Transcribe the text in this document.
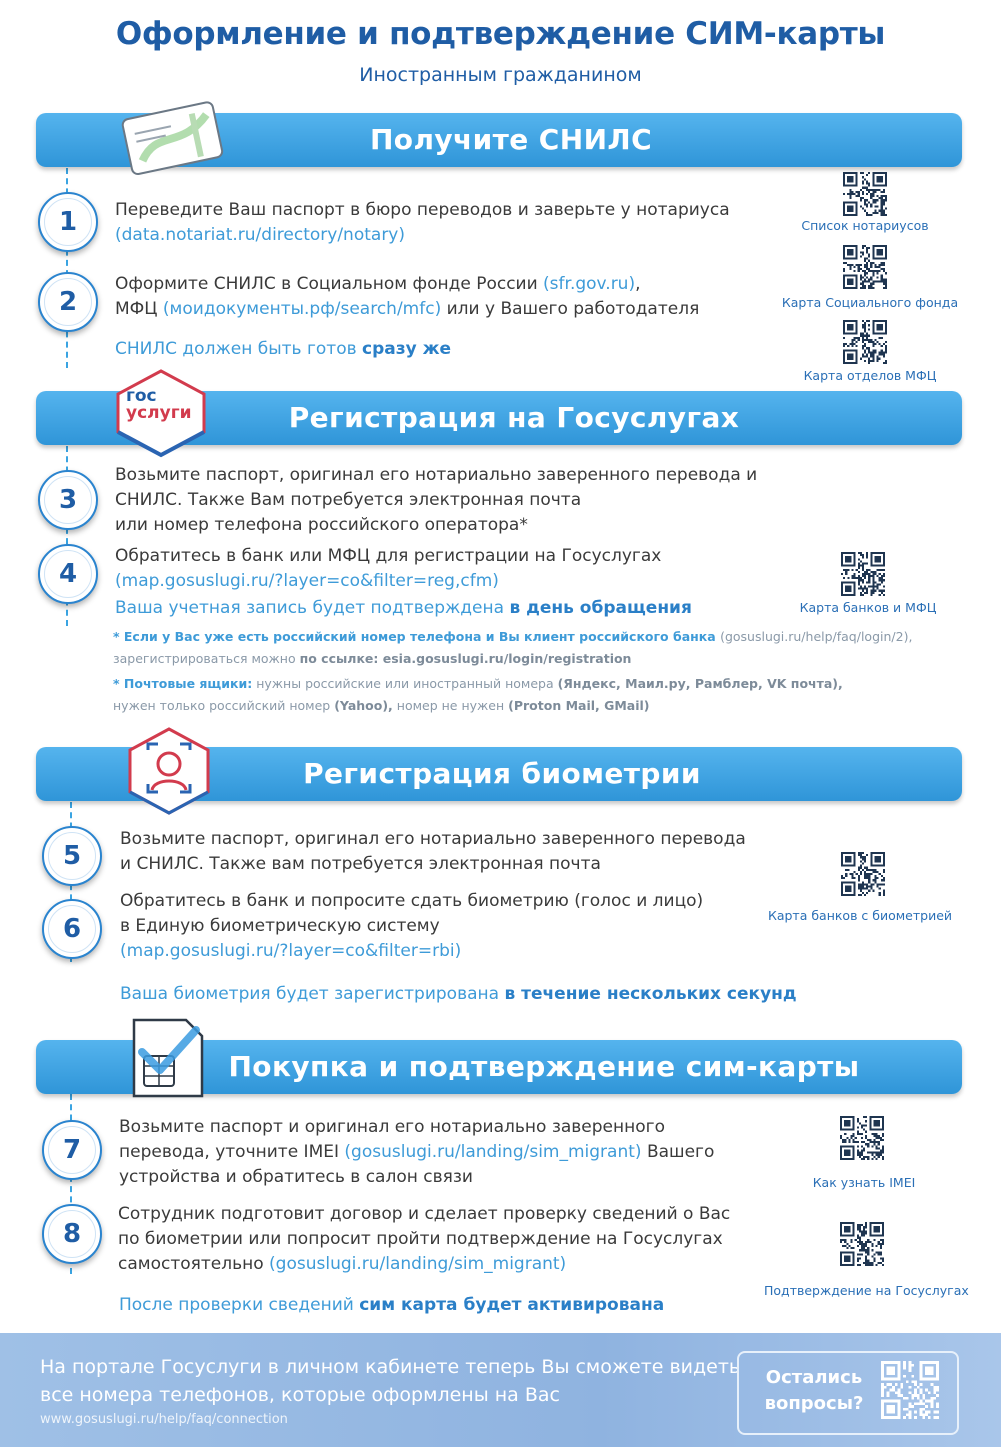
Оформление и подтверждение СИМ-карты
Иностранным гражданином
Получите СНИЛС
1 Переведите Ваш паспорт в бюро переводов и заверьте у нотариуса
(data.notariat.ru/directory/notary)
2
Оформите СНИЛС в Социальном фонде России (sfr.gov.ru),
МФЦ (моидокументы.рф/search/mfc) или у Вашего работодателя
СНИЛС должен быть готов сразу же
Список нотариусов
Карта Социального фонда
Карта отделов МФЦ
Регистрация на Госуслугах
гос
услуги
3
Возьмите паспорт, оригинал его нотариально заверенного перевода и
СНИЛС. Также Вам потребуется электронная почта
или номер телефона российского оператора*
4
Обратитесь в банк или МФЦ для регистрации на Госуслугах
(map.gosuslugi.ru/?layer=co&filter=reg,cfm)
Ваша учетная запись будет подтверждена в день обращения
* Если у Вас уже есть российский номер телефона и Вы клиент российского банка (gosuslugi.ru/help/faq/login/2),
зарегистрироваться можно по ссылке: esia.gosuslugi.ru/login/registration
* Почтовые ящики: нужны российские или иностранный номера (Яндекс, Маил.ру, Рамблер, VK почта),
нужен только российский номер (Yahoo), номер не нужен (Proton Mail, GMail)
Карта банков и МФЦ
Регистрация биометрии
5
Возьмите паспорт, оригинал его нотариально заверенного перевода
и СНИЛС. Также вам потребуется электронная почта
6
Обратитесь в банк и попросите сдать биометрию (голос и лицо)
в Единую биометрическую систему
(map.gosuslugi.ru/?layer=co&filter=rbi)
Ваша биометрия будет зарегистрирована в течение нескольких секунд
Карта банков с биометрией
Покупка и подтверждение сим-карты
7
Возьмите паспорт и оригинал его нотариально заверенного
перевода, уточните IMEI (gosuslugi.ru/landing/sim_migrant) Вашего
устройства и обратитесь в салон связи
8
Сотрудник подготовит договор и сделает проверку сведений о Вас
по биометрии или попросит пройти подтверждение на Госуслугах
самостоятельно (gosuslugi.ru/landing/sim_migrant)
После проверки сведений сим карта будет активирована
Как узнать IMEI
Подтверждение на Госуслугах
На портале Госуслуги в личном кабинете теперь Вы сможете видеть
все номера телефонов, которые оформлены на Вас
www.gosuslugi.ru/help/faq/connection
Остались
вопросы?
